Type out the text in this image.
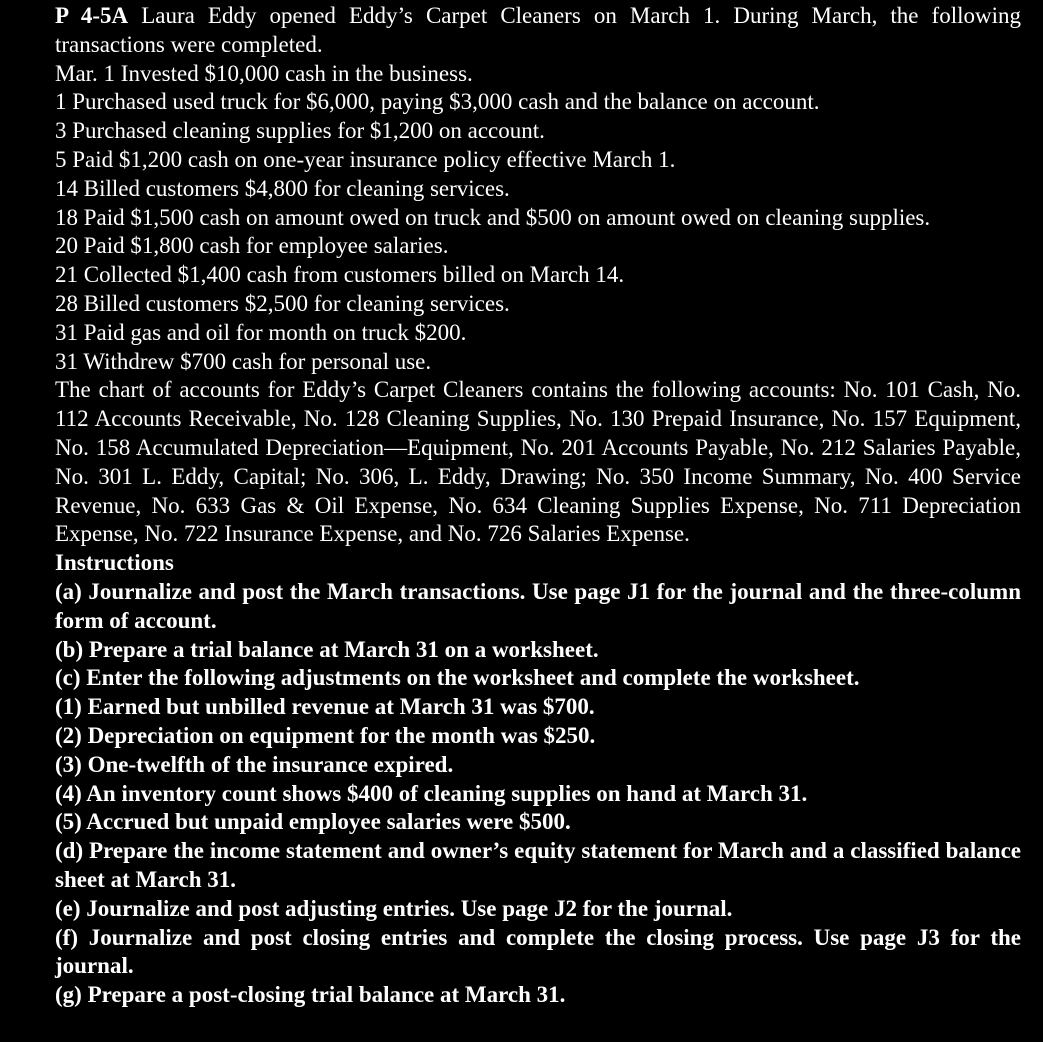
P 4-5A Laura Eddy opened Eddy’s Carpet Cleaners on March 1. During March, the following transactions were completed.
Mar. 1 Invested $10,000 cash in the business.
1 Purchased used truck for $6,000, paying $3,000 cash and the balance on account.
3 Purchased cleaning supplies for $1,200 on account.
5 Paid $1,200 cash on one-year insurance policy effective March 1.
14 Billed customers $4,800 for cleaning services.
18 Paid $1,500 cash on amount owed on truck and $500 on amount owed on cleaning supplies.
20 Paid $1,800 cash for employee salaries.
21 Collected $1,400 cash from customers billed on March 14.
28 Billed customers $2,500 for cleaning services.
31 Paid gas and oil for month on truck $200.
31 Withdrew $700 cash for personal use.
The chart of accounts for Eddy’s Carpet Cleaners contains the following accounts: No. 101 Cash, No. 112 Accounts Receivable, No. 128 Cleaning Supplies, No. 130 Prepaid Insurance, No. 157 Equipment, No. 158 Accumulated Depreciation—Equipment, No. 201 Accounts Payable, No. 212 Salaries Payable, No. 301 L. Eddy, Capital; No. 306, L. Eddy, Drawing; No. 350 Income Summary, No. 400 Service Revenue, No. 633 Gas & Oil Expense, No. 634 Cleaning Supplies Expense, No. 711 Depreciation Expense, No. 722 Insurance Expense, and No. 726 Salaries Expense.
Instructions
(a) Journalize and post the March transactions. Use page J1 for the journal and the three-column form of account.
(b) Prepare a trial balance at March 31 on a worksheet.
(c) Enter the following adjustments on the worksheet and complete the worksheet.
(1) Earned but unbilled revenue at March 31 was $700.
(2) Depreciation on equipment for the month was $250.
(3) One-twelfth of the insurance expired.
(4) An inventory count shows $400 of cleaning supplies on hand at March 31.
(5) Accrued but unpaid employee salaries were $500.
(d) Prepare the income statement and owner’s equity statement for March and a classified balance sheet at March 31.
(e) Journalize and post adjusting entries. Use page J2 for the journal.
(f) Journalize and post closing entries and complete the closing process. Use page J3 for the journal.
(g) Prepare a post-closing trial balance at March 31.
